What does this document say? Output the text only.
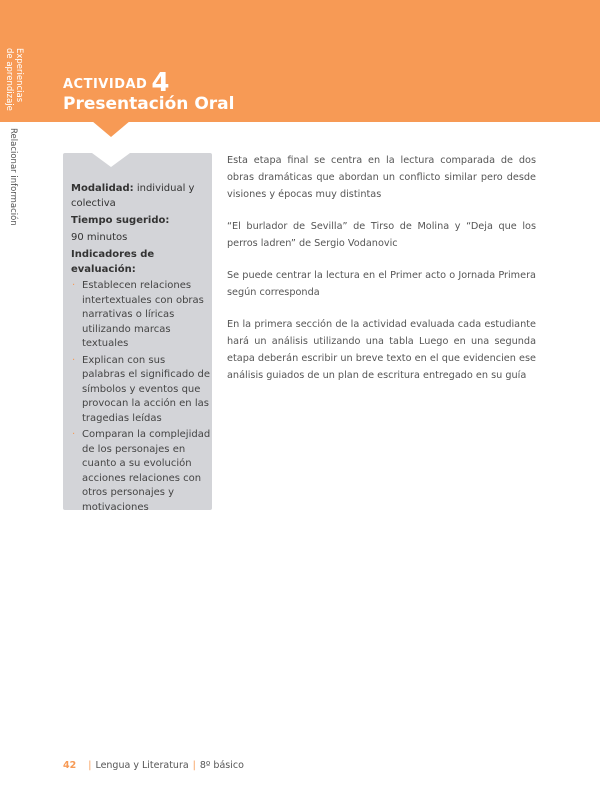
Experiencias
de aprendizaje
Relacionar información
ACTIVIDAD 4
Presentación Oral

Modalidad: individual y colectiva

Tiempo sugerido:

90 minutos

Indicadores de evaluación:

· Establecen relaciones intertextuales con obras narrativas o líricas utilizando marcas textuales
· Explican con sus palabras el significado de símbolos y eventos que provocan la acción en las tragedias leídas
· Comparan la complejidad de los personajes en cuanto a su evolución acciones relaciones con otros personajes y motivaciones

Esta etapa final se centra en la lectura comparada de dos obras dramáticas que abordan un conflicto similar pero desde visiones y épocas muy distintas

“El burlador de Sevilla” de Tirso de Molina y “Deja que los perros ladren” de Sergio Vodanovic

Se puede centrar la lectura en el Primer acto o Jornada Primera según corresponda

En la primera sección de la actividad evaluada cada estudiante hará un análisis utilizando una tabla Luego en una segunda etapa deberán escribir un breve texto en el que evidencien ese análisis guiados de un plan de escritura entregado en su guía

42 | Lengua y Literatura | 8º básico
